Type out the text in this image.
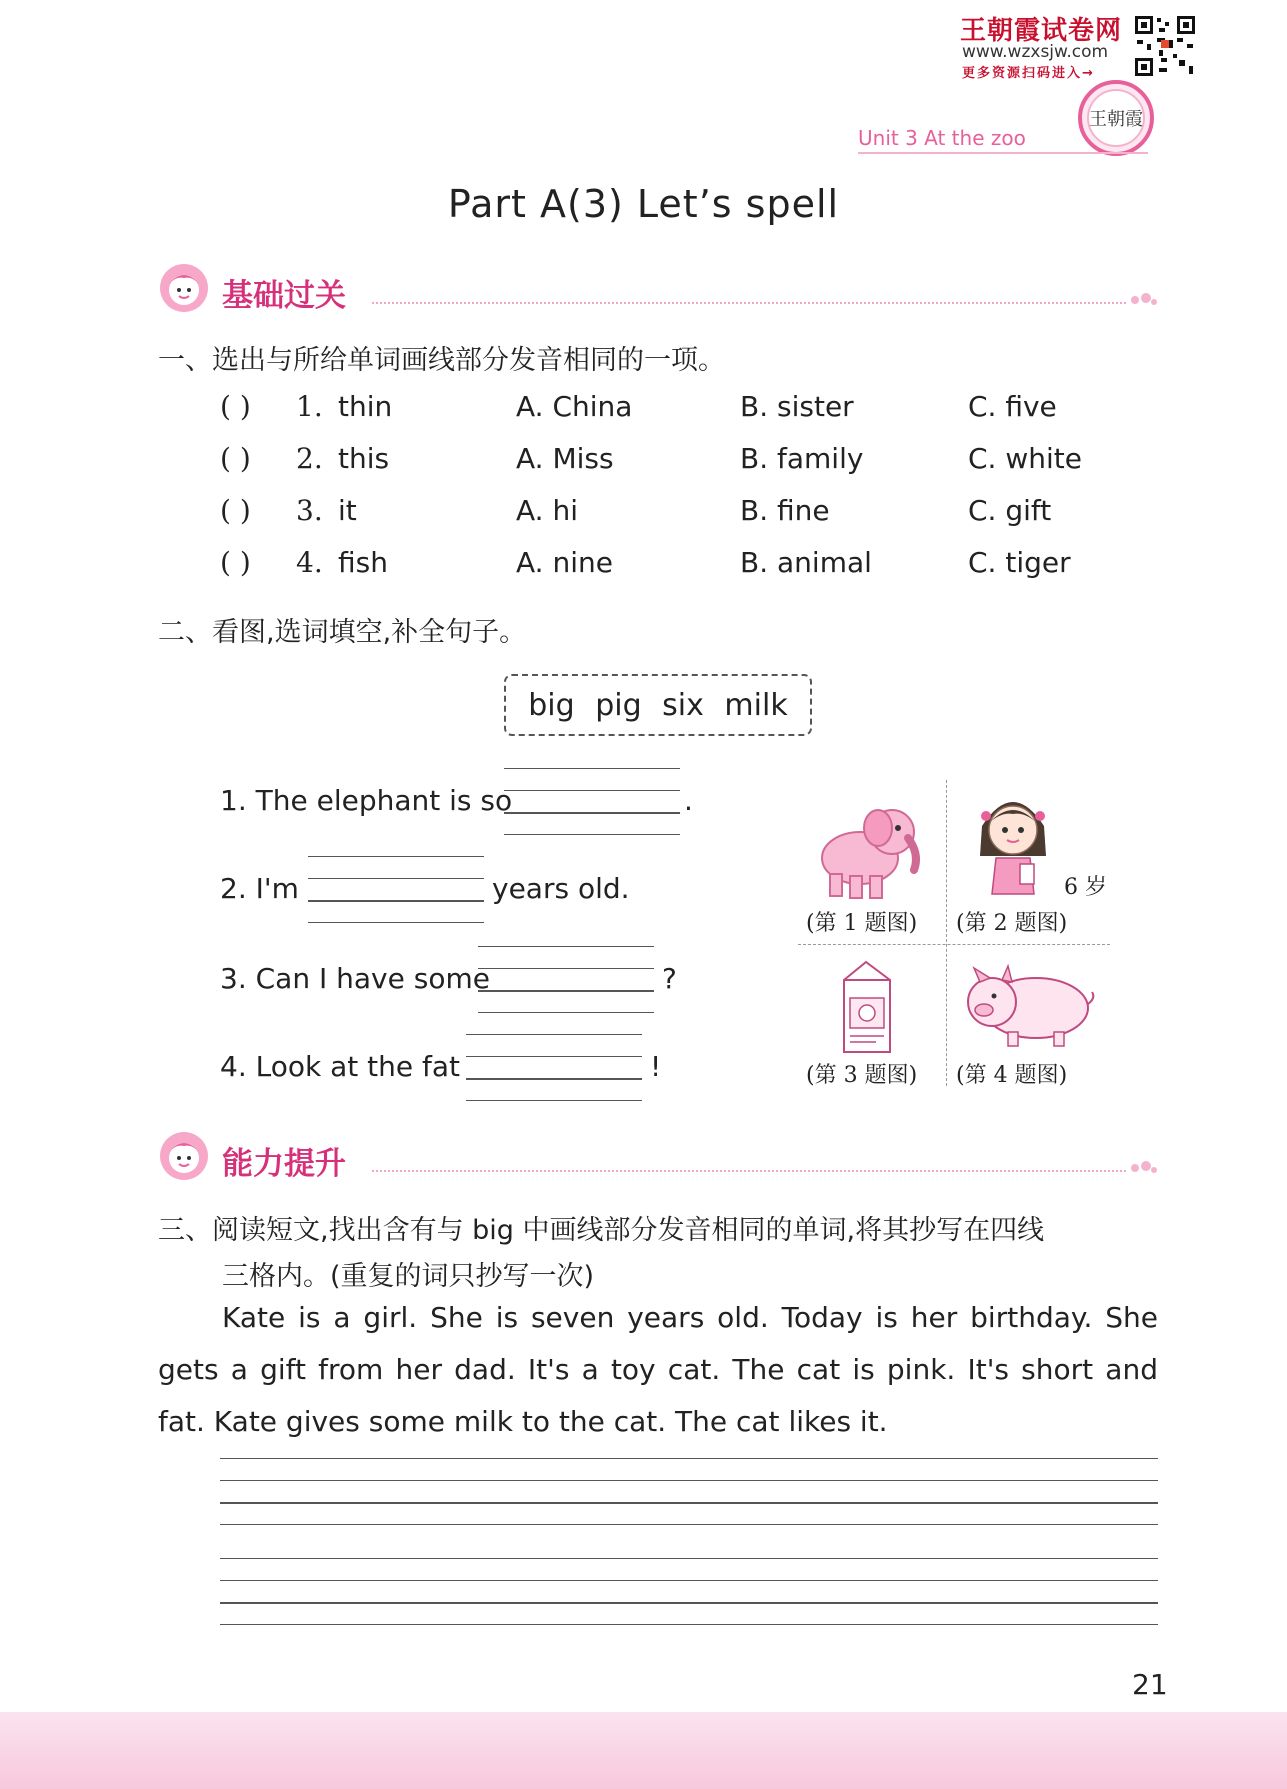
王朝霞试卷网
www.wzxsjw.com
更多资源扫码进入→
王朝霞
Unit 3 At the zoo
Part A(3) Let’s spell
基础过关
一、选出与所给单词画线部分发音相同的一项。
( ) 1. thin	A. China	B. sister	C. five
( ) 2. this	A. Miss	B. family	C. white
( ) 3. it	A. hi	B. fine	C. gift
( ) 4. fish	A. nine	B. animal	C. tiger
二、看图,选词填空,补全句子。
big pig six milk
1. The elephant is so	.
2. I'm	years old.
3. Can I have some	?
4. Look at the fat	!
(第 1 题图)
6 岁
(第 2 题图)
(第 3 题图) (第 4 题图)
能力提升
三、阅读短文,找出含有与 big 中画线部分发音相同的单词,将其抄写在四线
三格内。(重复的词只抄写一次)
Kate is a girl. She is seven years old. Today is her birthday. She
gets a gift from her dad. It's a toy cat. The cat is pink. It's short and
fat. Kate gives some milk to the cat. The cat likes it.
21
